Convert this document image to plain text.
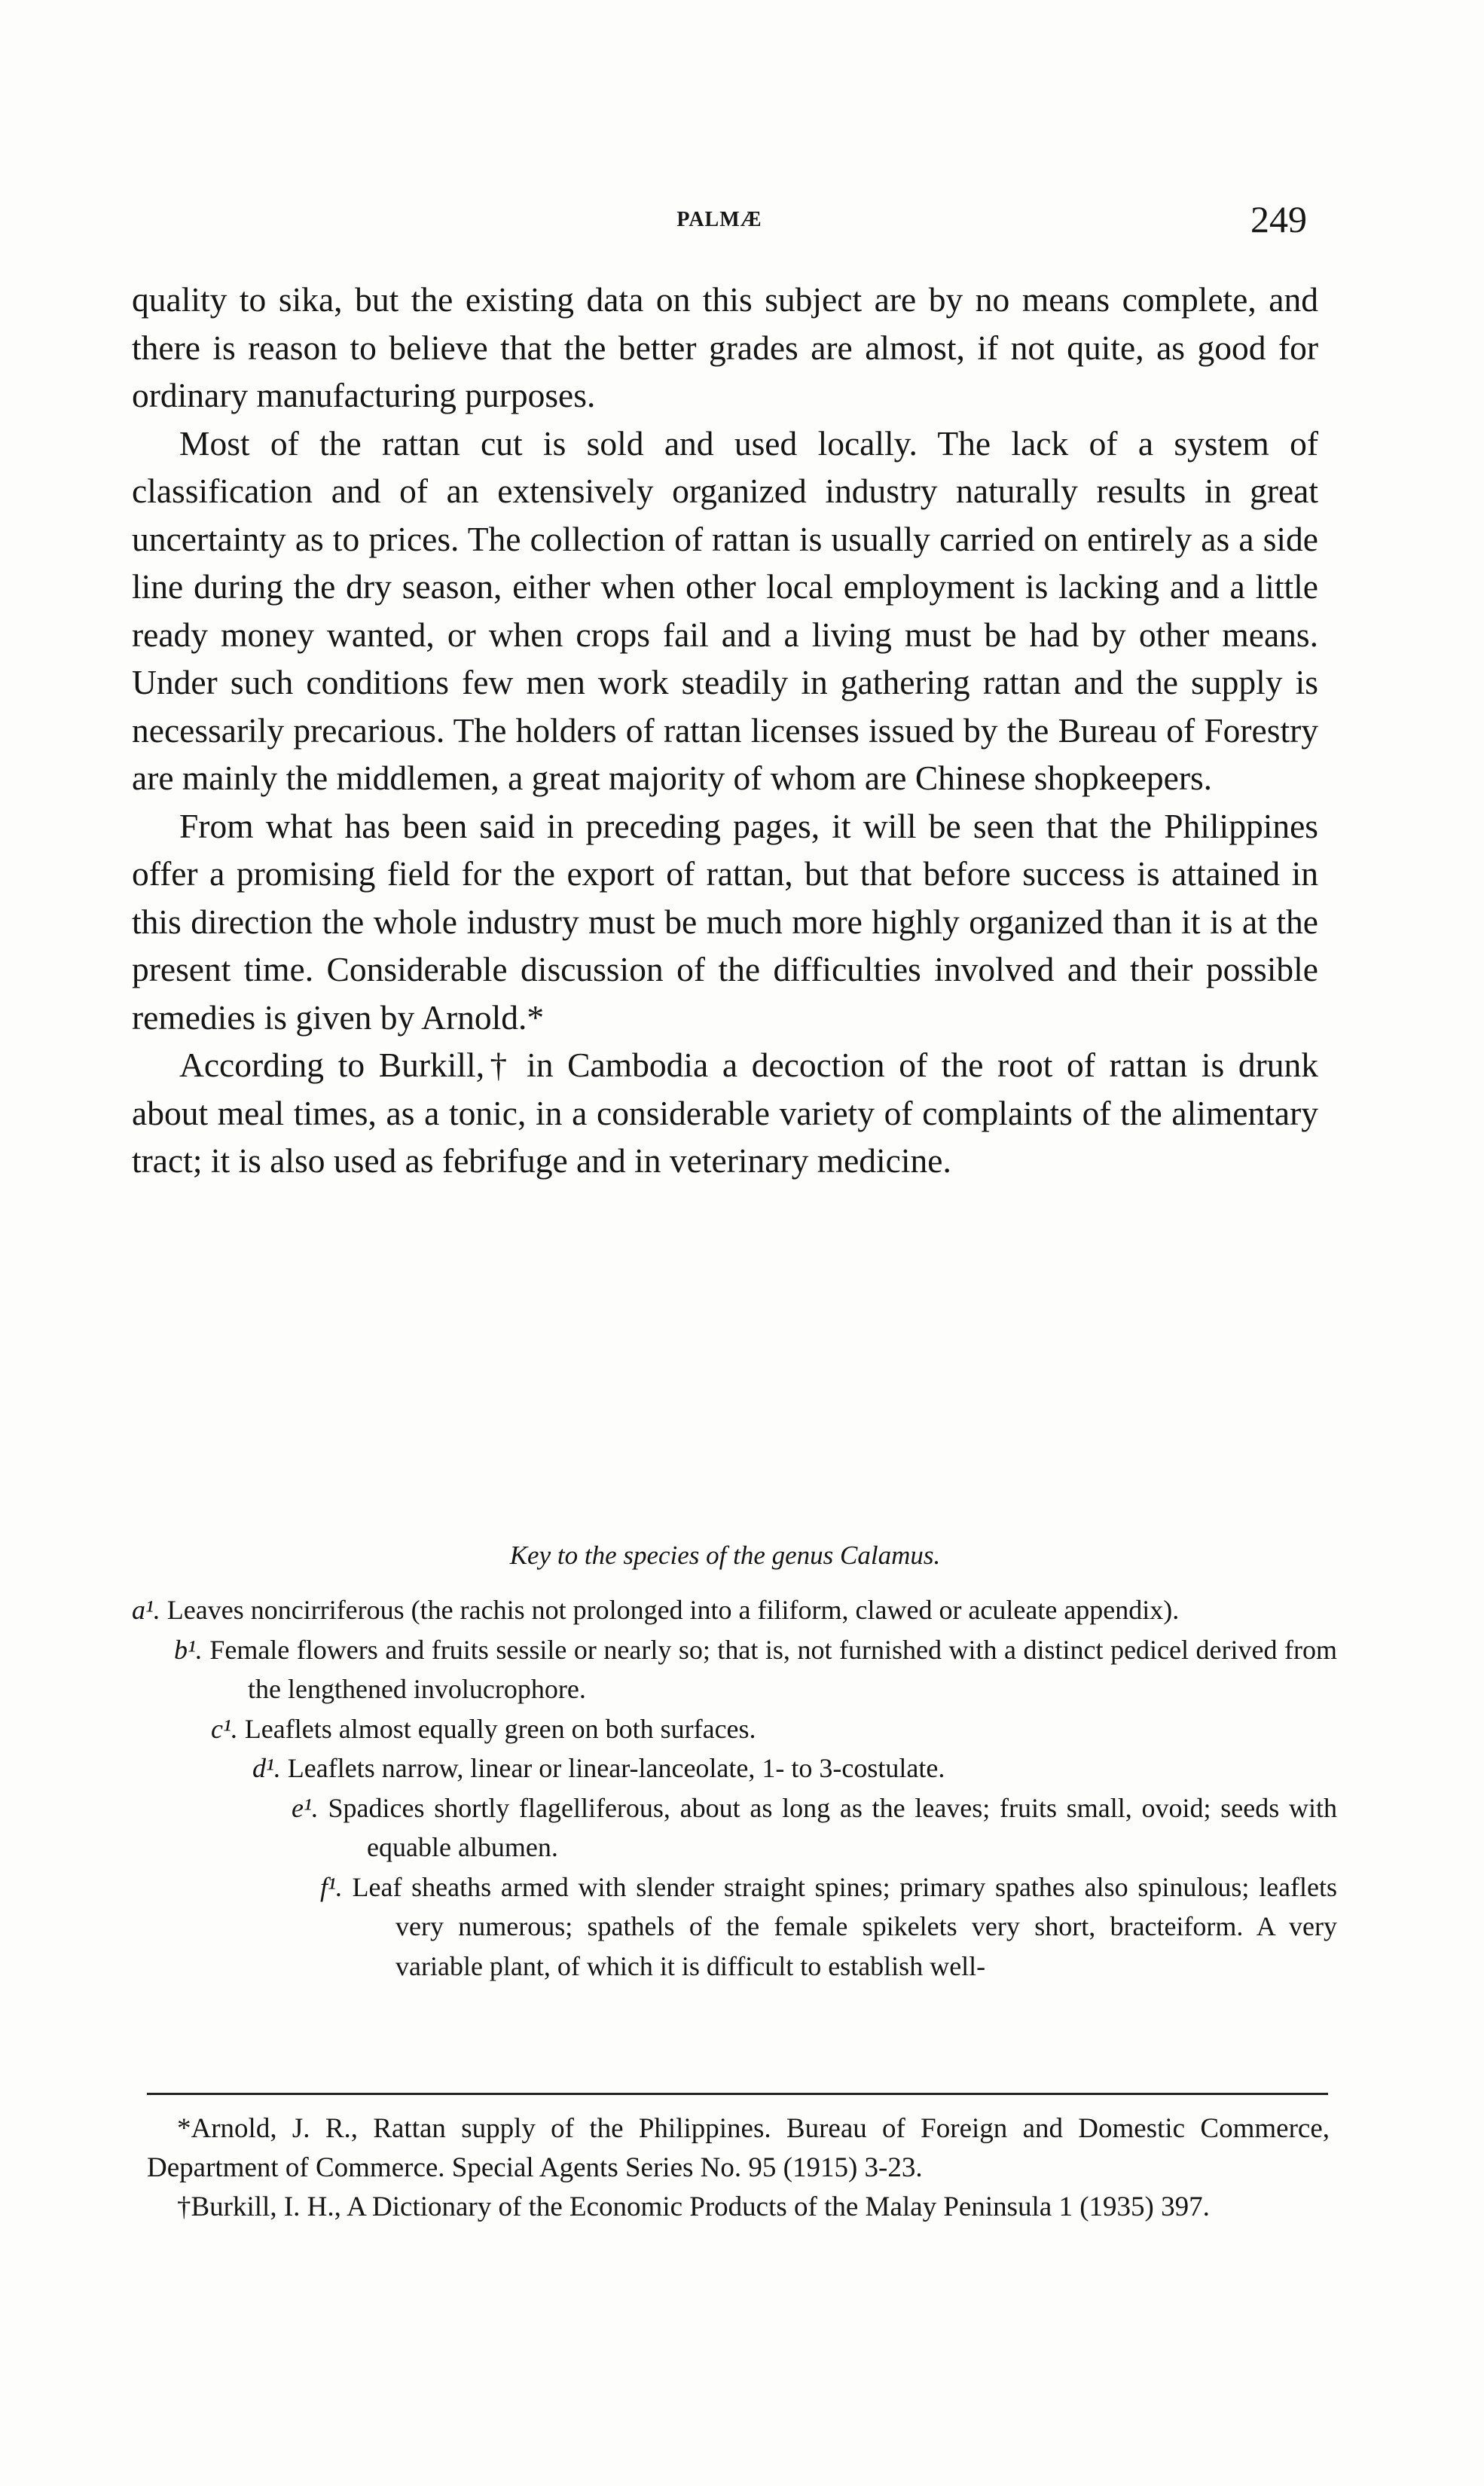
PALMÆ	249

quality to sika, but the existing data on this subject are by no means complete, and there is reason to believe that the better grades are almost, if not quite, as good for ordinary manufacturing purposes.

Most of the rattan cut is sold and used locally. The lack of a system of classification and of an extensively organized industry naturally results in great uncertainty as to prices. The collection of rattan is usually carried on entirely as a side line during the dry season, either when other local employment is lacking and a little ready money wanted, or when crops fail and a living must be had by other means. Under such conditions few men work steadily in gathering rattan and the supply is necessarily precarious. The holders of rattan licenses issued by the Bureau of Forestry are mainly the middlemen, a great majority of whom are Chinese shopkeepers.

From what has been said in preceding pages, it will be seen that the Philippines offer a promising field for the export of rattan, but that before success is attained in this direction the whole industry must be much more highly organized than it is at the present time. Considerable discussion of the difficulties involved and their possible remedies is given by Arnold.*

According to Burkill,† in Cambodia a decoction of the root of rattan is drunk about meal times, as a tonic, in a considerable variety of complaints of the alimentary tract; it is also used as febrifuge and in veterinary medicine.

Key to the species of the genus Calamus.
a¹. Leaves noncirriferous (the rachis not prolonged into a filiform, clawed or aculeate appendix).
b¹. Female flowers and fruits sessile or nearly so; that is, not furnished with a distinct pedicel derived from the lengthened involucrophore.
c¹. Leaflets almost equally green on both surfaces.
d¹. Leaflets narrow, linear or linear-lanceolate, 1- to 3-costulate.
e¹. Spadices shortly flagelliferous, about as long as the leaves; fruits small, ovoid; seeds with equable albumen.
f¹. Leaf sheaths armed with slender straight spines; primary spathes also spinulous; leaflets very numerous; spathels of the female spikelets very short, bracteiform. A very variable plant, of which it is difficult to establish well-

*Arnold, J. R., Rattan supply of the Philippines. Bureau of Foreign and Domestic Commerce, Department of Commerce. Special Agents Series No. 95 (1915) 3-23.

†Burkill, I. H., A Dictionary of the Economic Products of the Malay Peninsula 1 (1935) 397.
